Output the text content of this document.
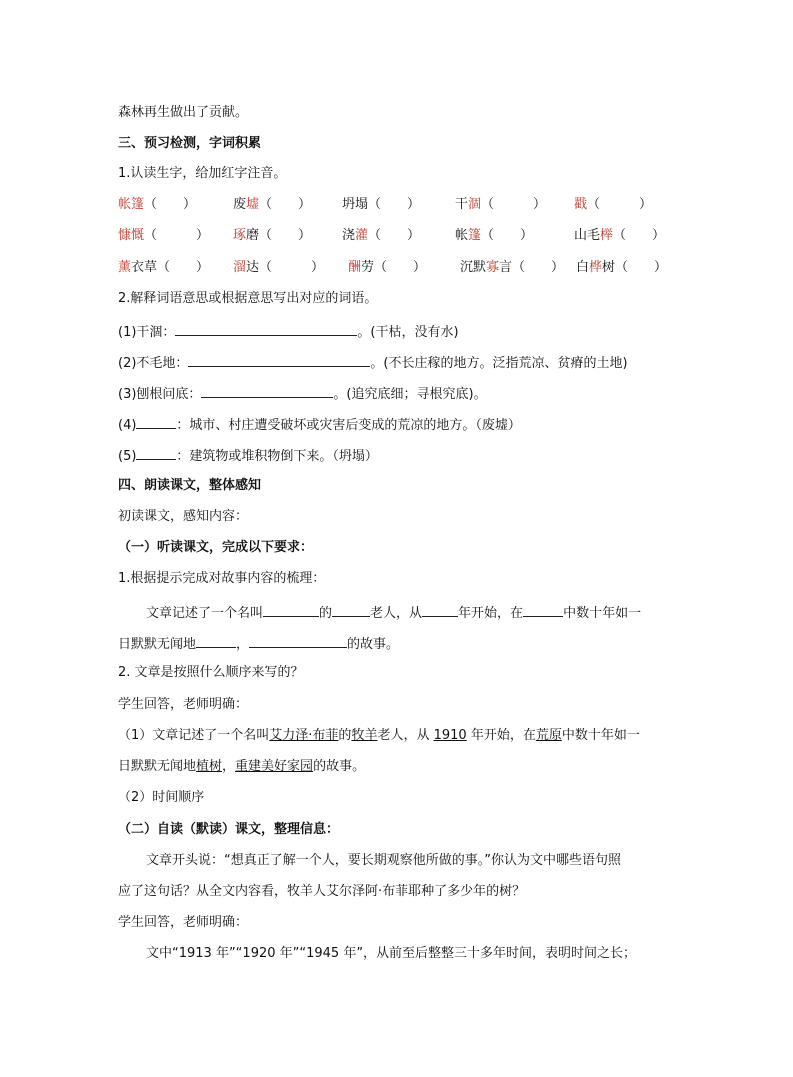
森林再生做出了贡献。
三、预习检测，字词积累
1.认读生字，给加红字注音。
帐篷（　　）	废墟（　　） 坍塌（　　）	干涸（　　　） 戳（　　　）
慷慨（　　　） 琢磨（　　） 浇灌（　　）	帐篷（　　）	山毛榉（　　）
薰衣草（　　） 溜达（　　　） 酬劳（　　）	沉默寡言（　　） 白桦树（　　）
2.解释词语意思或根据意思写出对应的词语。
(1)干涸：	。(干枯，没有水)
(2)不毛地：	。(不长庄稼的地方。泛指荒凉、贫瘠的土地)
(3)刨根问底：	。(追究底细；寻根究底)。
(4)	：城市、村庄遭受破坏或灾害后变成的荒凉的地方。（废墟）
(5)	：建筑物或堆积物倒下来。（坍塌）
四、朗读课文，整体感知
初读课文，感知内容：
（一）听读课文，完成以下要求：
1.根据提示完成对故事内容的梳理：
文章记述了一个名叫	的	老人，从	年开始，在	中数十年如一
日默默无闻地	，	的故事。
2. 文章是按照什么顺序来写的？
学生回答，老师明确：
（1）文章记述了一个名叫艾力泽·布菲的牧羊老人，从 1910 年开始，在荒原中数十年如一
日默默无闻地植树，重建美好家园的故事。
（2）时间顺序
（二）自读（默读）课文，整理信息：
文章开头说：“想真正了解一个人，要长期观察他所做的事。”你认为文中哪些语句照
应了这句话？从全文内容看，牧羊人艾尔泽阿·布菲耶种了多少年的树？
学生回答，老师明确：
文中“1913 年”“1920 年”“1945 年”，从前至后整整三十多年时间，表明时间之长；
